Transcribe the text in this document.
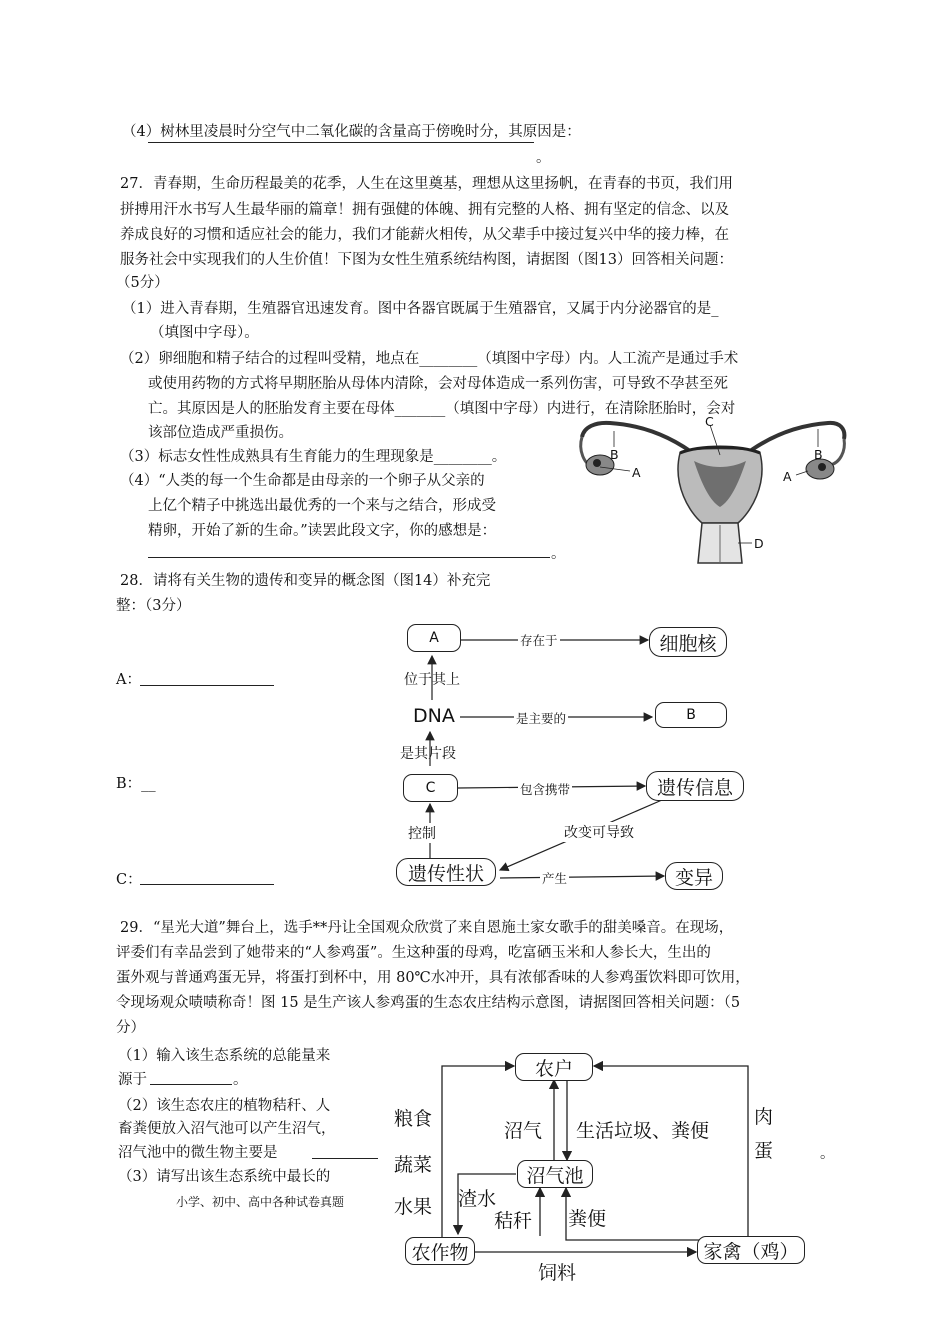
（4）树林里凌晨时分空气中二氧化碳的含量高于傍晚时分，其原因是：
。
27．青春期，生命历程最美的花季，人生在这里奠基，理想从这里扬帆，在青春的书页，我们用
拼搏用汗水书写人生最华丽的篇章！拥有强健的体魄、拥有完整的人格、拥有坚定的信念、以及
养成良好的习惯和适应社会的能力，我们才能薪火相传，从父辈手中接过复兴中华的接力棒，在
服务社会中实现我们的人生价值！下图为女性生殖系统结构图，请据图（图13）回答相关问题：
（5分）
（1）进入青春期，生殖器官迅速发育。图中各器官既属于生殖器官，又属于内分泌器官的是_
（填图中字母）。
（2）卵细胞和精子结合的过程叫受精，地点在________（填图中字母）内。人工流产是通过手术
或使用药物的方式将早期胚胎从母体内清除，会对母体造成一系列伤害，可导致不孕甚至死
亡。其原因是人的胚胎发育主要在母体_______（填图中字母）内进行，在清除胚胎时，会对
该部位造成严重损伤。
（3）标志女性性成熟具有生育能力的生理现象是________。
（4）“人类的每一个生命都是由母亲的一个卵子从父亲的
上亿个精子中挑选出最优秀的一个来与之结合，形成受
精卵，开始了新的生命。”读罢此段文字，你的感想是：
。
C
B
A
B
A
D
28．请将有关生物的遗传和变异的概念图（图14）补充完
整：（3分）
A：
B：__
C：
A	存在于	细胞核
位于其上
DNA	是主要的	B
是其片段
C	包含携带	遗传信息
控制	改变可导致
遗传性状	产生	变异
29．“星光大道”舞台上，选手**丹让全国观众欣赏了来自恩施土家女歌手的甜美嗓音。在现场，
评委们有幸品尝到了她带来的“人参鸡蛋”。生这种蛋的母鸡，吃富硒玉米和人参长大，生出的
蛋外观与普通鸡蛋无异，将蛋打到杯中，用 80℃水冲开，具有浓郁香味的人参鸡蛋饮料即可饮用，
令现场观众啧啧称奇！图 15 是生产该人参鸡蛋的生态农庄结构示意图，请据图回答相关问题：（5
分）
（1）输入该生态系统的总能量来
源于	。
（2）该生态农庄的植物秸秆、人
畜粪便放入沼气池可以产生沼气，
沼气池中的微生物主要是
（3）请写出该生态系统中最长的
小学、初中、高中各种试卷真题
农户
沼气池
农作物	家禽（鸡）
粮食
蔬菜
水果
沼气 生活垃圾、粪便
肉
蛋	。
渣水
秸秆 粪便
饲料
